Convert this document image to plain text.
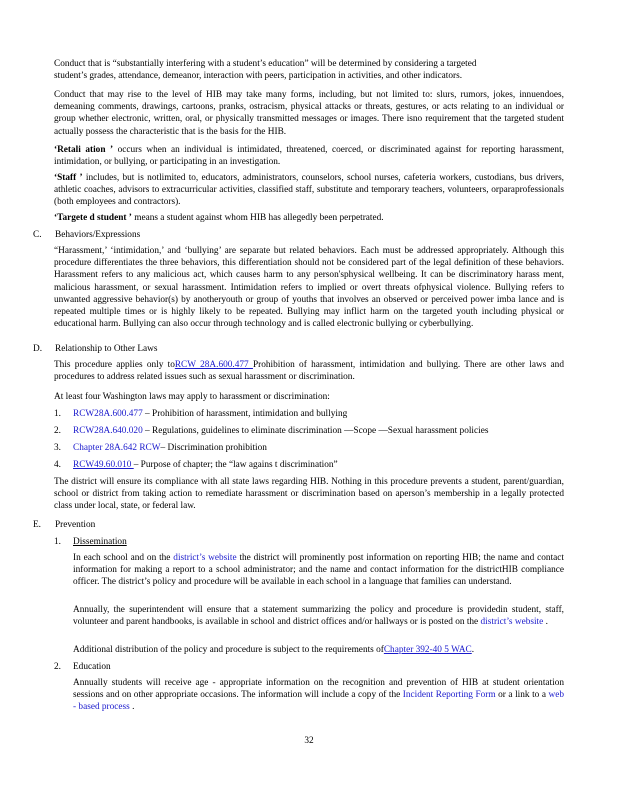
Conduct that is “substantially interfering with a student’s education” will be determined by considering a targeted

student’s grades, attendance, demeanor, interaction with peers, participation in activities, and other indicators.

Conduct that may rise to the level of HIB may take many forms, including, but not limited to: slurs, rumors, jokes, innuendoes, demeaning comments, drawings, cartoons, pranks, ostracism, physical attacks or threats, gestures, or acts relating to an individual or group whether electronic, written, oral, or physically transmitted messages or images. There isno requirement that the targeted student actually possess the characteristic that is the basis for the HIB.

‘Retali ation ’ occurs when an individual is intimidated, threatened, coerced, or discriminated against for reporting harassment, intimidation, or bullying, or participating in an investigation.

‘Staff ’ includes, but is notlimited to, educators, administrators, counselors, school nurses, cafeteria workers, custodians, bus drivers, athletic coaches, advisors to extracurricular activities, classified staff, substitute and temporary teachers, volunteers, orparaprofessionals (both employees and contractors).

‘Targete d student ’ means a student against whom HIB has allegedly been perpetrated.

C. Behaviors/Expressions

“Harassment,’ ‘intimidation,’ and ‘bullying’ are separate but related behaviors. Each must be addressed appropriately. Although this procedure differentiates the three behaviors, this differentiation should not be considered part of the legal definition of these behaviors. Harassment refers to any malicious act, which causes harm to any person'sphysical wellbeing. It can be discriminatory harass ment, malicious harassment, or sexual harassment. Intimidation refers to implied or overt threats ofphysical violence. Bullying refers to unwanted aggressive behavior(s) by anotheryouth or group of youths that involves an observed or perceived power imba lance and is repeated multiple times or is highly likely to be repeated. Bullying may inflict harm on the targeted youth including physical or educational harm. Bullying can also occur through technology and is called electronic bullying or cyberbullying.

D. Relationship to Other Laws

This procedure applies only toRCW 28A.600.477 Prohibition of harassment, intimidation and bullying. There are other laws and procedures to address related issues such as sexual harassment or discrimination.

At least four Washington laws may apply to harassment or discrimination:

1. RCW28A.600.477 – Prohibition of harassment, intimidation and bullying
2. RCW28A.640.020 – Regulations, guidelines to eliminate discrimination —Scope —Sexual harassment policies
3. Chapter 28A.642 RCW– Discrimination prohibition
4. RCW49.60.010 – Purpose of chapter; the “law agains t discrimination”

The district will ensure its compliance with all state laws regarding HIB. Nothing in this procedure prevents a student, parent/guardian, school or district from taking action to remediate harassment or discrimination based on aperson’s membership in a legally protected class under local, state, or federal law.

E. Prevention
1. Dissemination

In each school and on the district’s website the district will prominently post information on reporting HIB; the name and contact information for making a report to a school administrator; and the name and contact information for the districtHIB compliance officer. The district’s policy and procedure will be available in each school in a language that families can understand.

Annually, the superintendent will ensure that a statement summarizing the policy and procedure is providedin student, staff, volunteer and parent handbooks, is available in school and district offices and/or hallways or is posted on the district’s website .

Additional distribution of the policy and procedure is subject to the requirements ofChapter 392-40 5 WAC.

2. Education

Annually students will receive age - appropriate information on the recognition and prevention of HIB at student orientation sessions and on other appropriate occasions. The information will include a copy of the Incident Reporting Form or a link to a web - based process .

32
